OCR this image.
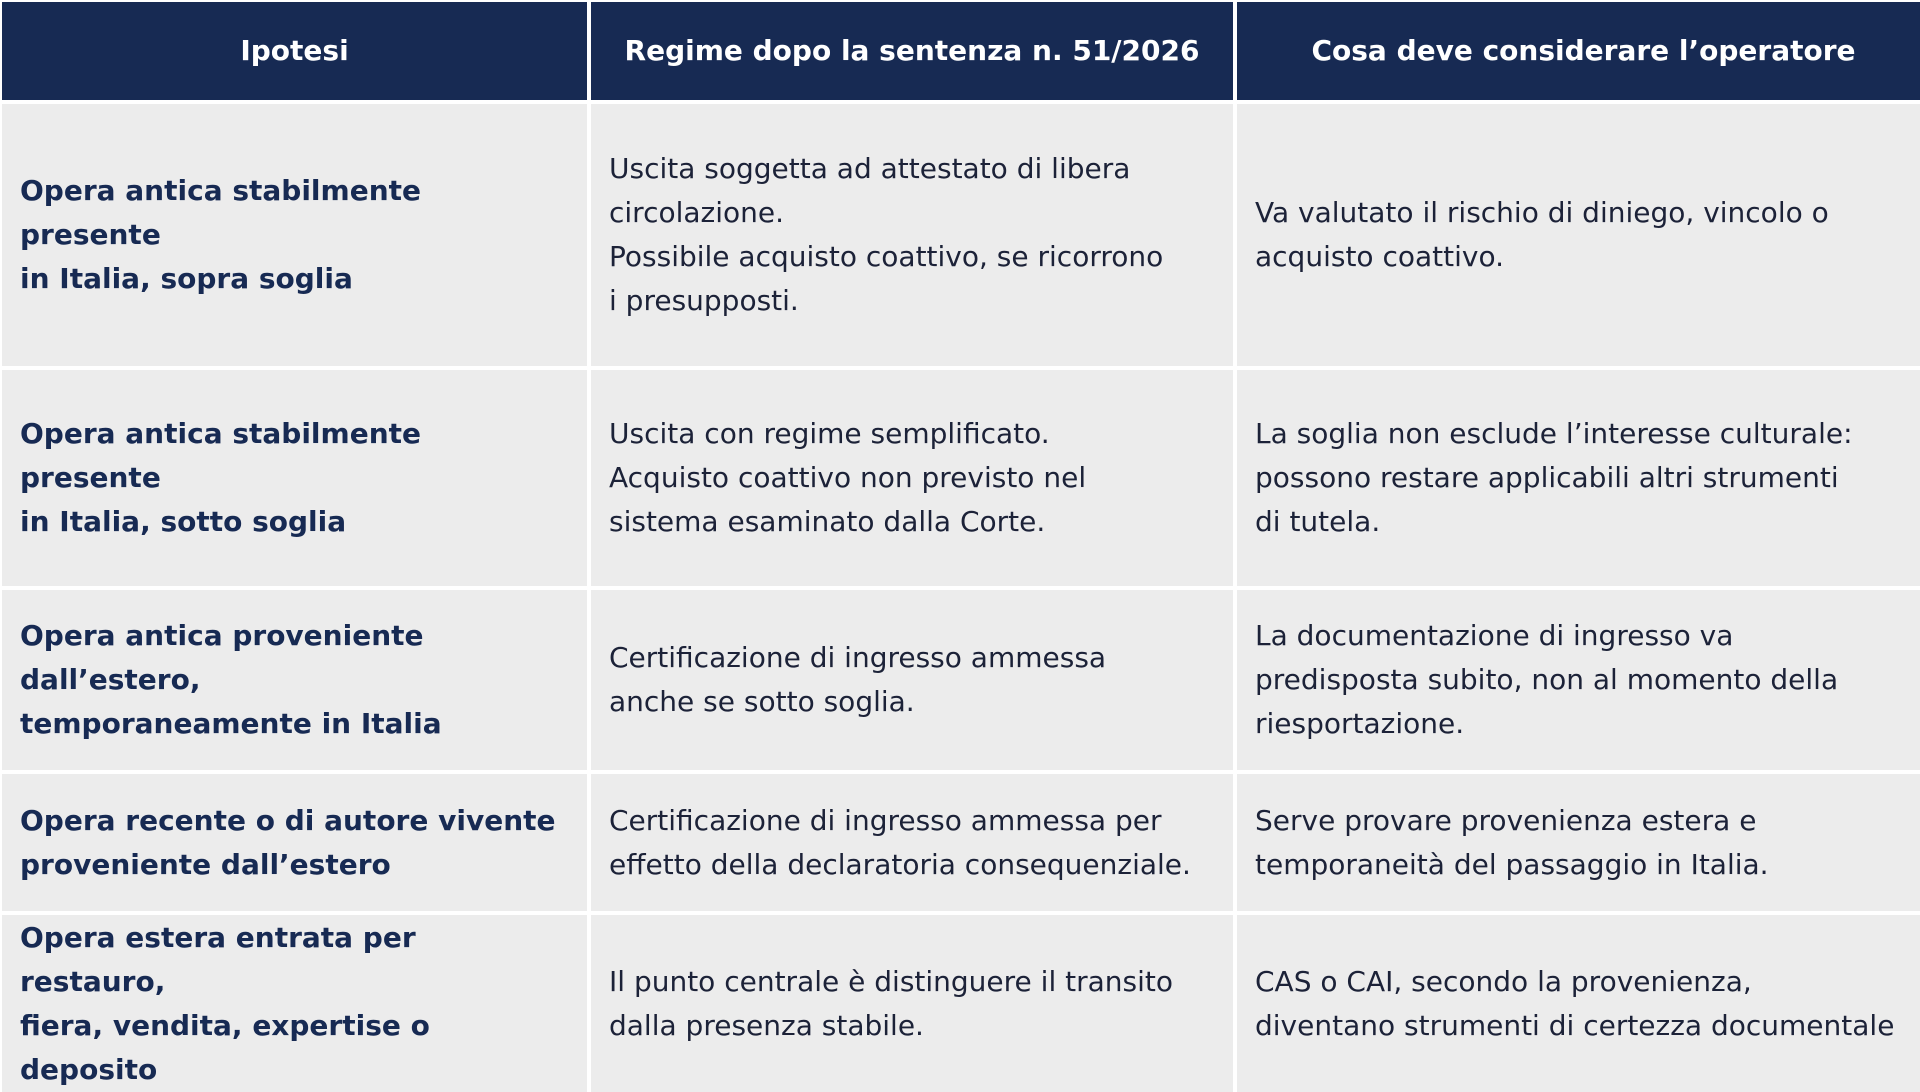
Ipotesi	Regime dopo la sentenza n. 51/2026	Cosa deve considerare l’operatore
Opera antica stabilmente presente
in Italia, sopra soglia
Uscita soggetta ad attestato di libera
circolazione.
Possibile acquisto coattivo, se ricorrono
i presupposti.
Va valutato il rischio di diniego, vincolo o
acquisto coattivo.
Opera antica stabilmente presente
in Italia, sotto soglia
Uscita con regime semplificato.
Acquisto coattivo non previsto nel
sistema esaminato dalla Corte.
La soglia non esclude l’interesse culturale:
possono restare applicabili altri strumenti
di tutela.
Opera antica proveniente dall’estero,
temporaneamente in Italia
Certificazione di ingresso ammessa
anche se sotto soglia.
La documentazione di ingresso va
predisposta subito, non al momento della
riesportazione.
Opera recente o di autore vivente
proveniente dall’estero
Certificazione di ingresso ammessa per
effetto della declaratoria consequenziale.
Serve provare provenienza estera e
temporaneità del passaggio in Italia.
Opera estera entrata per restauro,
fiera, vendita, expertise o deposito
Il punto centrale è distinguere il transito
dalla presenza stabile.
CAS o CAI, secondo la provenienza,
diventano strumenti di certezza documentale
